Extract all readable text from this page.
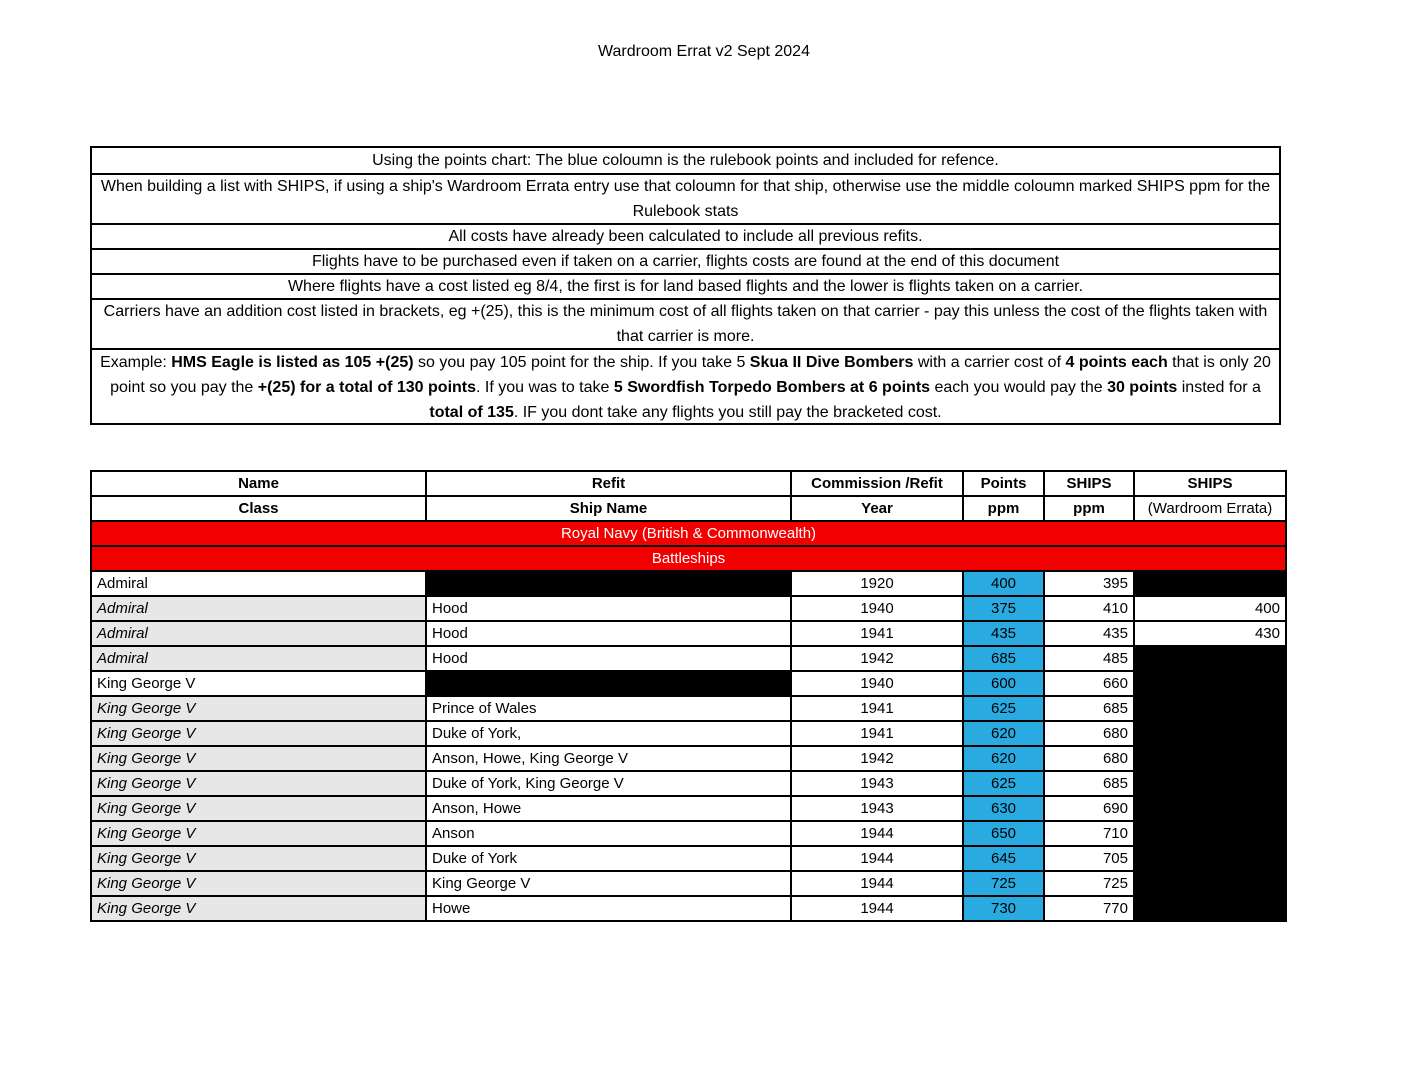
Wardroom Errat v2 Sept 2024
Using the points chart: The blue coloumn is the rulebook points and included for refence.
When building a list with SHIPS, if using a ship's Wardroom Errata entry use that coloumn for that ship, otherwise use the middle coloumn marked SHIPS ppm for the Rulebook stats
All costs have already been calculated to include all previous refits.
Flights have to be purchased even if taken on a carrier, flights costs are found at the end of this document
Where flights have a cost listed eg 8/4, the first is for land based flights and the lower is flights taken on a carrier.
Carriers have an addition cost listed in brackets, eg +(25), this is the minimum cost of all flights taken on that carrier - pay this unless the cost of the flights taken with that carrier is more.
Example: HMS Eagle is listed as 105 +(25) so you pay 105 point for the ship. If you take 5 Skua II Dive Bombers with a carrier cost of 4 points each that is only 20 point so you pay the +(25) for a total of 130 points. If you was to take 5 Swordfish Torpedo Bombers at 6 points each you would pay the 30 points insted for a total of 135. IF you dont take any flights you still pay the bracketed cost.
Name	Refit	Commission /Refit	Points	SHIPS	SHIPS
Class	Ship Name	Year	ppm	ppm	(Wardroom Errata)
Royal Navy (British & Commonwealth)					
Battleships					
Admiral		1920	400	395	
Admiral	Hood	1940	375	410	400
Admiral	Hood	1941	435	435	430
Admiral	Hood	1942	685	485	
King George V		1940	600	660	
King George V	Prince of Wales	1941	625	685	
King George V	Duke of York,	1941	620	680	
King George V	Anson, Howe, King George V	1942	620	680	
King George V	Duke of York, King George V	1943	625	685	
King George V	Anson, Howe	1943	630	690	
King George V	Anson	1944	650	710	
King George V	Duke of York	1944	645	705	
King George V	King George V	1944	725	725	
King George V	Howe	1944	730	770	
